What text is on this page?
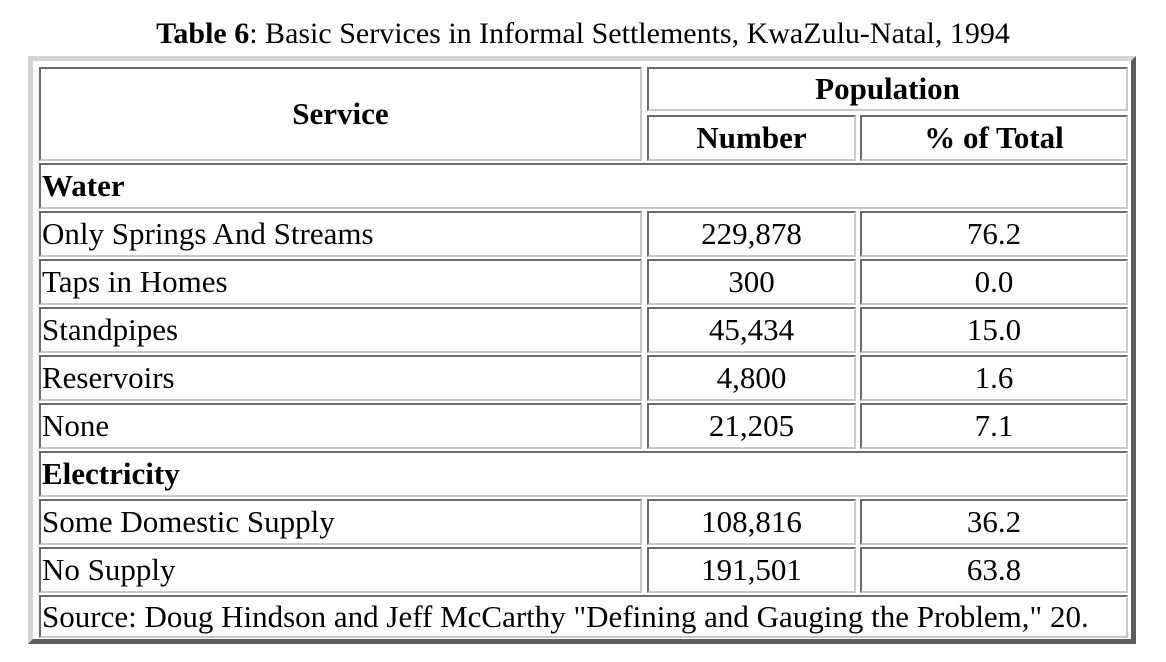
Table 6: Basic Services in Informal Settlements, KwaZulu-Natal, 1994
Service
Population
Number	% of Total
Water
Only Springs And Streams	229,878	76.2
Taps in Homes	300	0.0
Standpipes	45,434	15.0
Reservoirs	4,800	1.6
None	21,205	7.1
Electricity
Some Domestic Supply	108,816	36.2
No Supply	191,501	63.8
Source: Doug Hindson and Jeff McCarthy "Defining and Gauging the Problem," 20.
